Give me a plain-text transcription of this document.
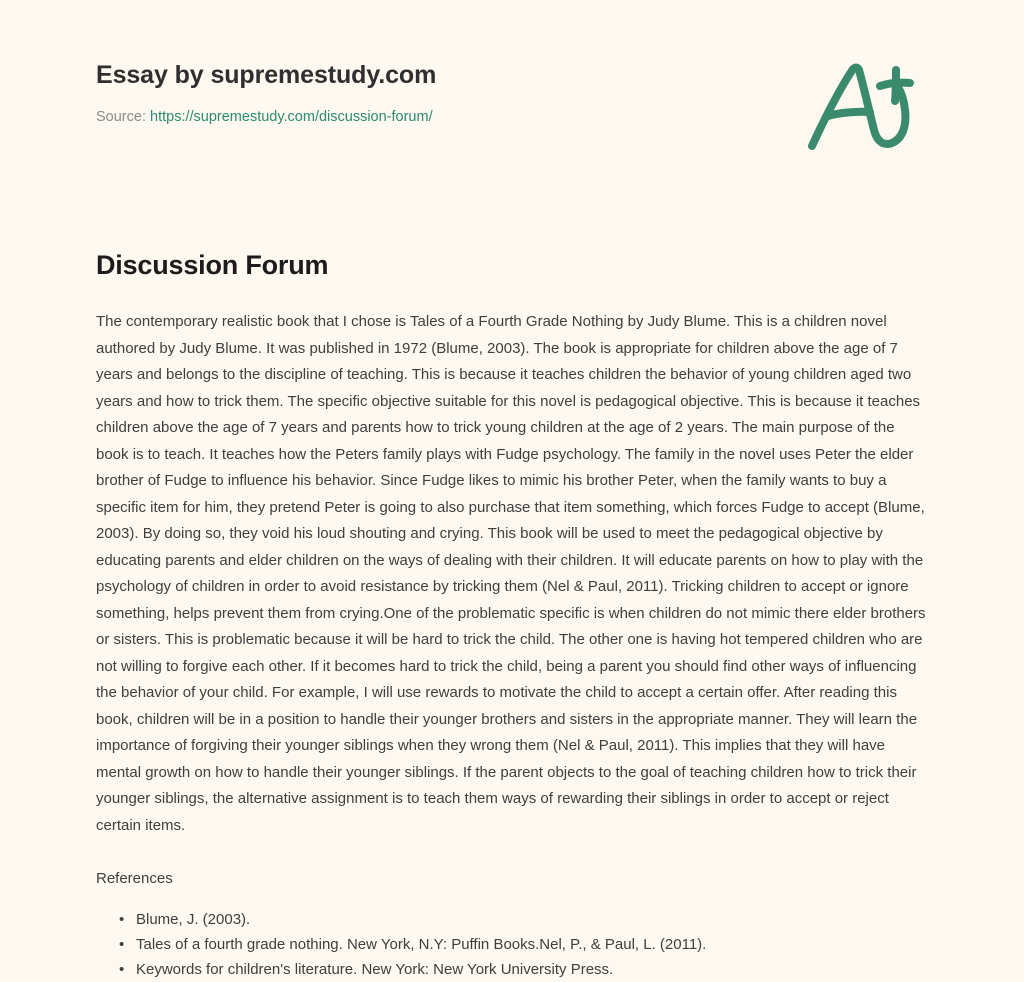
Essay by supremestudy.com
Source: https://supremestudy.com/discussion-forum/
Discussion Forum

The contemporary realistic book that I chose is Tales of a Fourth Grade Nothing by Judy Blume. This is a children novel authored by Judy Blume. It was published in 1972 (Blume, 2003). The book is appropriate for children above the age of 7 years and belongs to the discipline of teaching. This is because it teaches children the behavior of young children aged two years and how to trick them. The specific objective suitable for this novel is pedagogical objective. This is because it teaches children above the age of 7 years and parents how to trick young children at the age of 2 years. The main purpose of the book is to teach. It teaches how the Peters family plays with Fudge psychology. The family in the novel uses Peter the elder brother of Fudge to influence his behavior. Since Fudge likes to mimic his brother Peter, when the family wants to buy a specific item for him, they pretend Peter is going to also purchase that item something, which forces Fudge to accept (Blume, 2003). By doing so, they void his loud shouting and crying. This book will be used to meet the pedagogical objective by educating parents and elder children on the ways of dealing with their children. It will educate parents on how to play with the psychology of children in order to avoid resistance by tricking them (Nel & Paul, 2011). Tricking children to accept or ignore something, helps prevent them from crying.One of the problematic specific is when children do not mimic there elder brothers or sisters. This is problematic because it will be hard to trick the child. The other one is having hot tempered children who are not willing to forgive each other. If it becomes hard to trick the child, being a parent you should find other ways of influencing the behavior of your child. For example, I will use rewards to motivate the child to accept a certain offer. After reading this book, children will be in a position to handle their younger brothers and sisters in the appropriate manner. They will learn the importance of forgiving their younger siblings when they wrong them (Nel & Paul, 2011). This implies that they will have mental growth on how to handle their younger siblings. If the parent objects to the goal of teaching children how to trick their younger siblings, the alternative assignment is to teach them ways of rewarding their siblings in order to accept or reject certain items.

References

• Blume, J. (2003).
• Tales of a fourth grade nothing. New York, N.Y: Puffin Books.Nel, P., & Paul, L. (2011).
• Keywords for children's literature. New York: New York University Press.
